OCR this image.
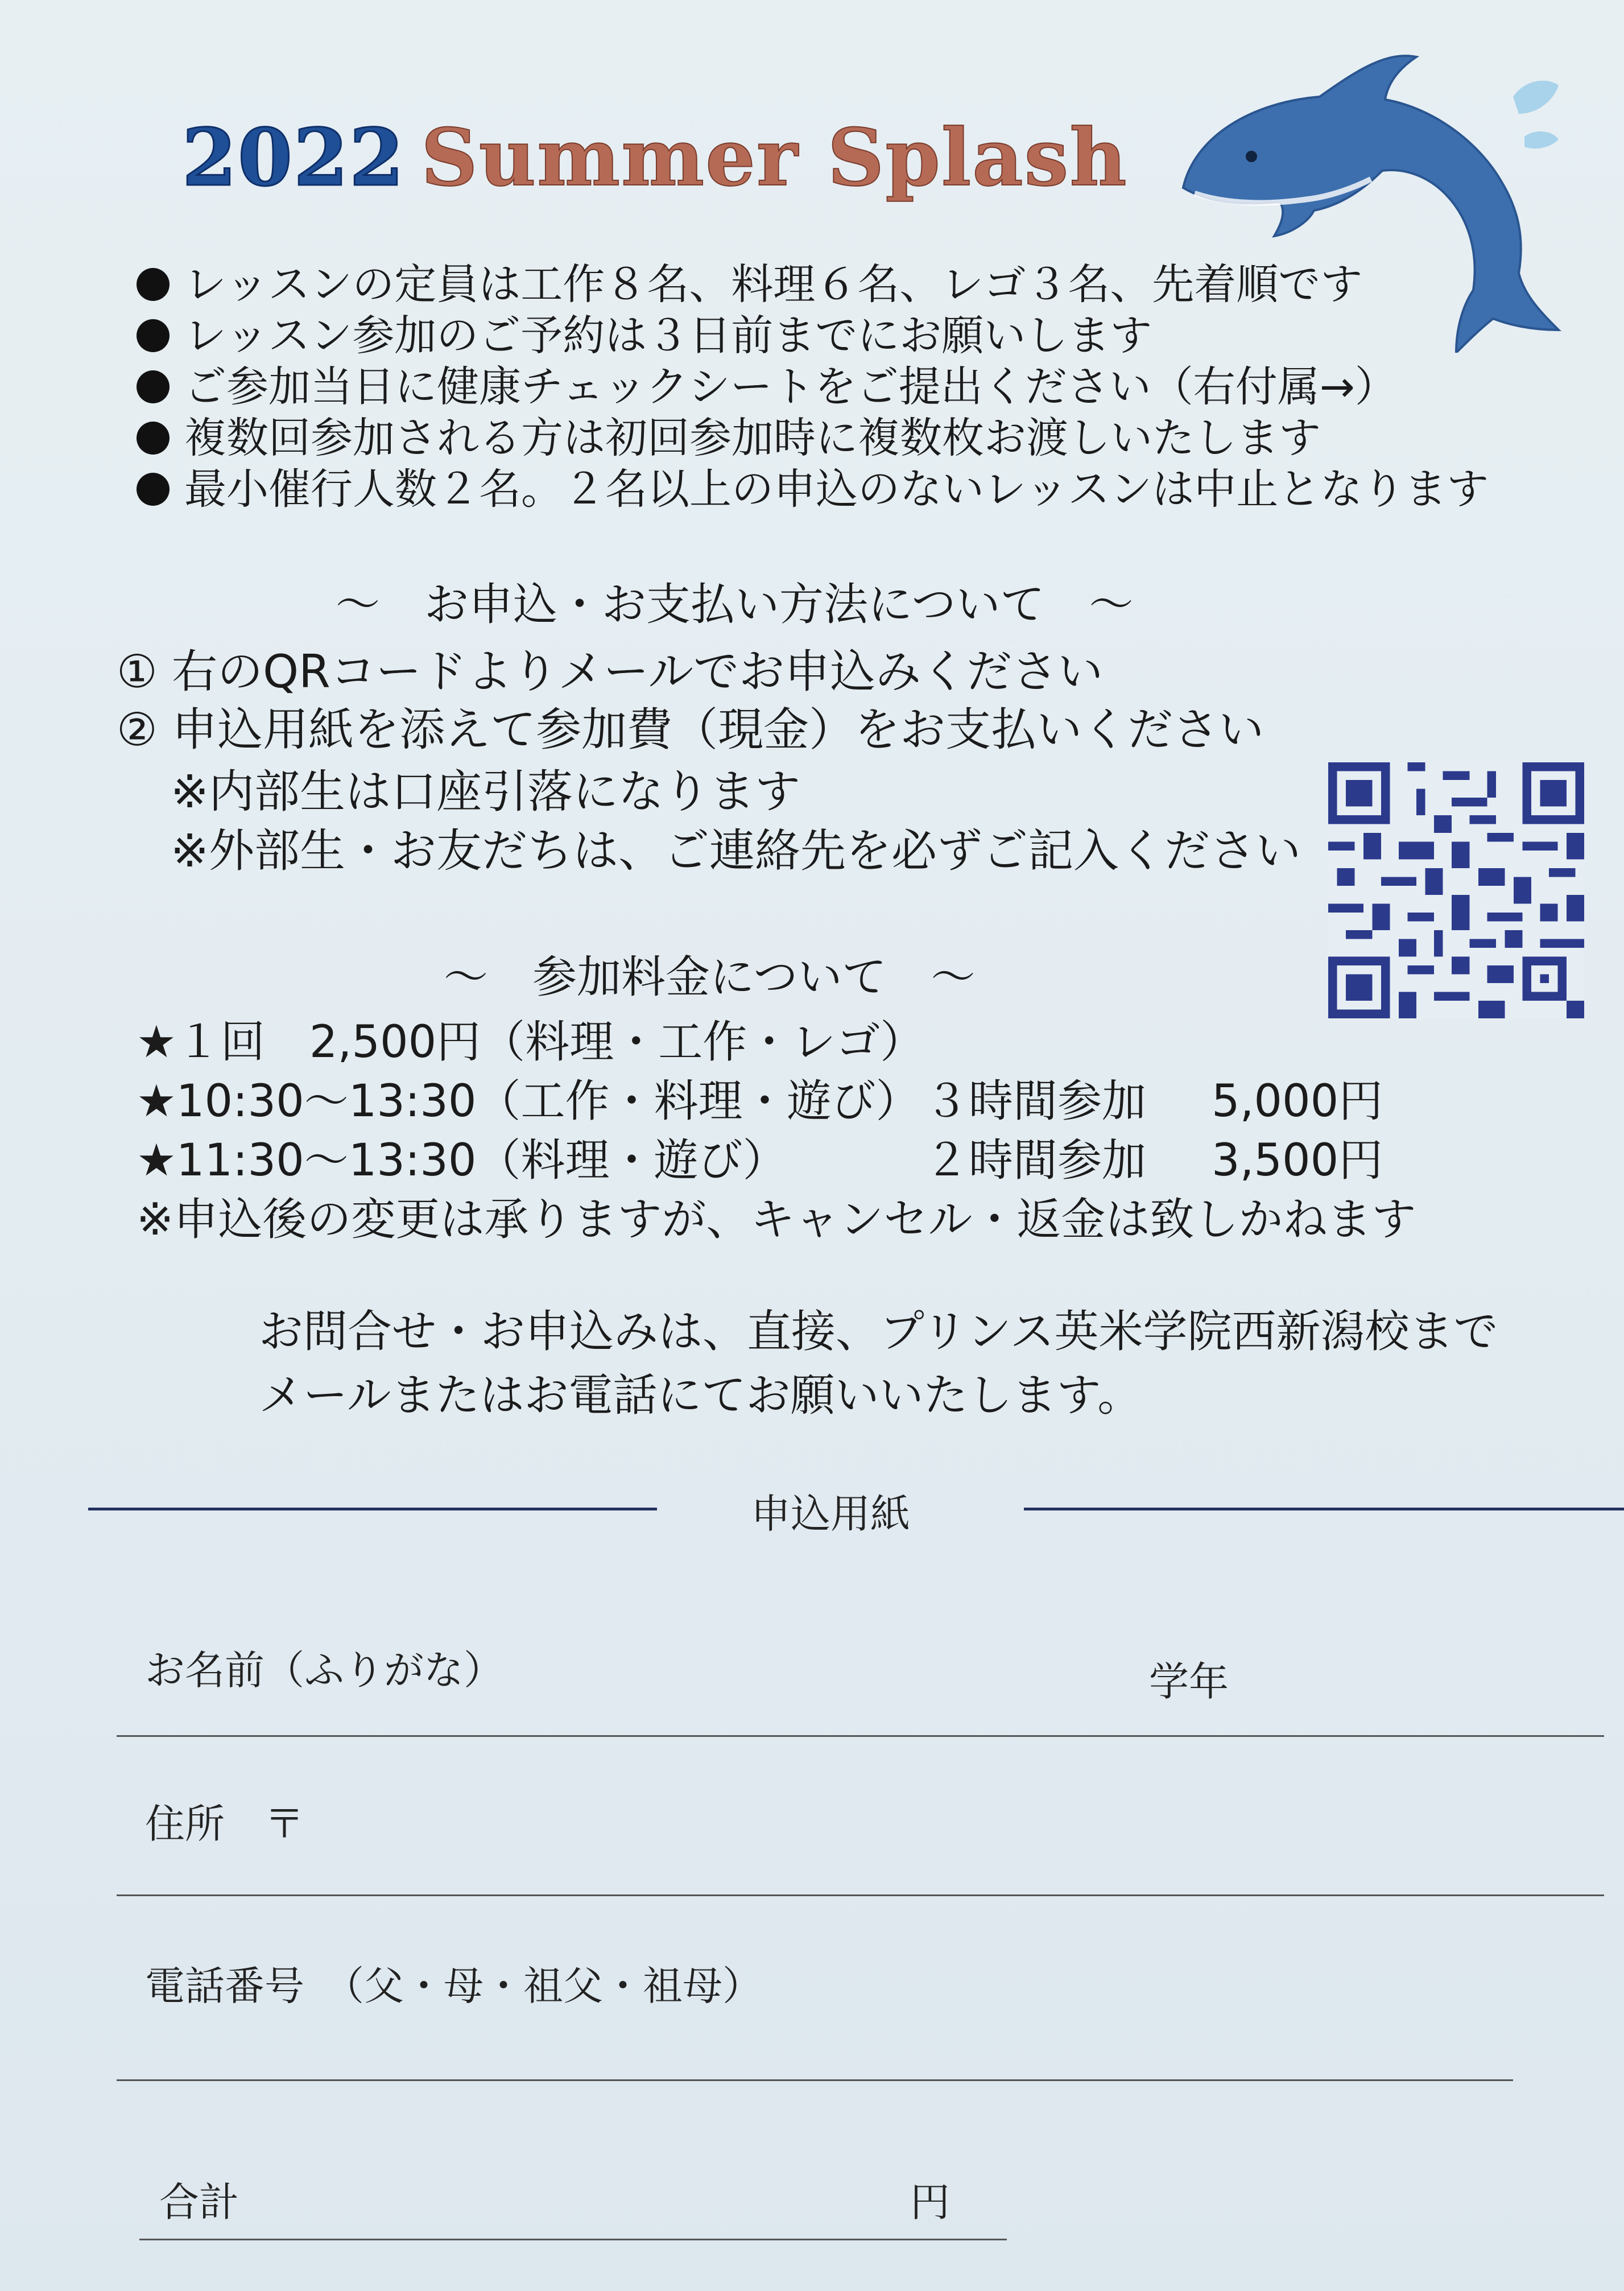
2022 Summer Splash
レッスンの定員は工作８名、料理６名、レゴ３名、先着順です
レッスン参加のご予約は３日前までにお願いします
ご参加当日に健康チェックシートをご提出ください（右付属→）
複数回参加される方は初回参加時に複数枚お渡しいたします
最小催行人数２名。２名以上の申込のないレッスンは中止となります
～　お申込・お支払い方法について　～
① 右のQRコードよりメールでお申込みください
② 申込用紙を添えて参加費（現金）をお支払いください
※内部生は口座引落になります
※外部生・お友だちは、ご連絡先を必ずご記入ください
～　参加料金について　～
★１回　2,500円（料理・工作・レゴ）
★10:30～13:30（工作・料理・遊び） ３時間参加 5,000円
★11:30～13:30（料理・遊び）	２時間参加 3,500円
※申込後の変更は承りますが、キャンセル・返金は致しかねます
お問合せ・お申込みは、直接、プリンス英米学院西新潟校まで
メールまたはお電話にてお願いいたします。
申込用紙
お名前（ふりがな）	学年
住所　〒
電話番号　（父・母・祖父・祖母）
合計	円
